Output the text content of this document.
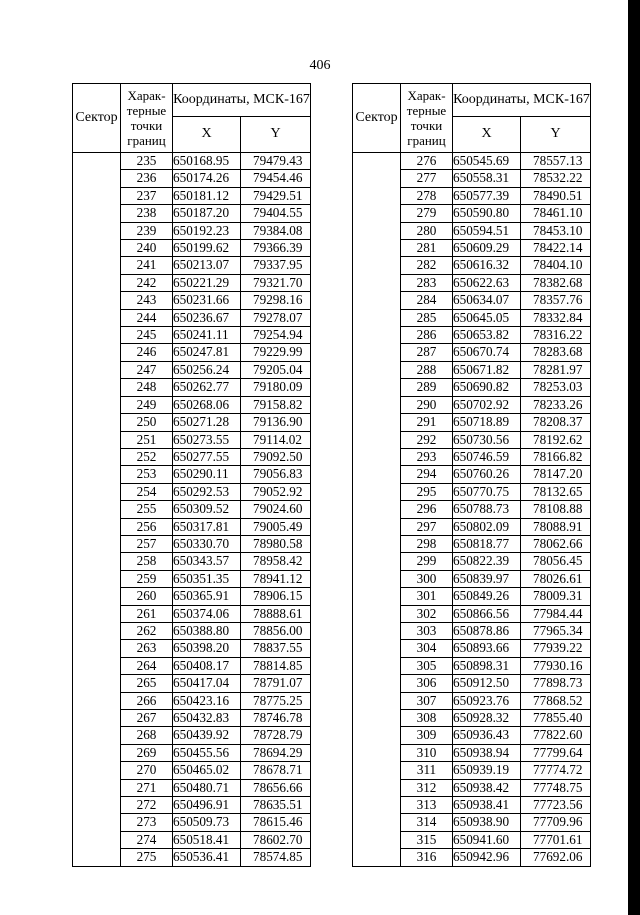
406
Сектор	Харак-терные точки границ	Координаты, МСК-167	
		X	Y
	235	650168.95	79479.43
	236	650174.26	79454.46
	237	650181.12	79429.51
	238	650187.20	79404.55
	239	650192.23	79384.08
	240	650199.62	79366.39
	241	650213.07	79337.95
	242	650221.29	79321.70
	243	650231.66	79298.16
	244	650236.67	79278.07
	245	650241.11	79254.94
	246	650247.81	79229.99
	247	650256.24	79205.04
	248	650262.77	79180.09
	249	650268.06	79158.82
	250	650271.28	79136.90
	251	650273.55	79114.02
	252	650277.55	79092.50
	253	650290.11	79056.83
	254	650292.53	79052.92
	255	650309.52	79024.60
	256	650317.81	79005.49
	257	650330.70	78980.58
	258	650343.57	78958.42
	259	650351.35	78941.12
	260	650365.91	78906.15
	261	650374.06	78888.61
	262	650388.80	78856.00
	263	650398.20	78837.55
	264	650408.17	78814.85
	265	650417.04	78791.07
	266	650423.16	78775.25
	267	650432.83	78746.78
	268	650439.92	78728.79
	269	650455.56	78694.29
	270	650465.02	78678.71
	271	650480.71	78656.66
	272	650496.91	78635.51
	273	650509.73	78615.46
	274	650518.41	78602.70
	275	650536.41	78574.85
Сектор	Харак-терные точки границ	Координаты, МСК-167	
		X	Y
	276	650545.69	78557.13
	277	650558.31	78532.22
	278	650577.39	78490.51
	279	650590.80	78461.10
	280	650594.51	78453.10
	281	650609.29	78422.14
	282	650616.32	78404.10
	283	650622.63	78382.68
	284	650634.07	78357.76
	285	650645.05	78332.84
	286	650653.82	78316.22
	287	650670.74	78283.68
	288	650671.82	78281.97
	289	650690.82	78253.03
	290	650702.92	78233.26
	291	650718.89	78208.37
	292	650730.56	78192.62
	293	650746.59	78166.82
	294	650760.26	78147.20
	295	650770.75	78132.65
	296	650788.73	78108.88
	297	650802.09	78088.91
	298	650818.77	78062.66
	299	650822.39	78056.45
	300	650839.97	78026.61
	301	650849.26	78009.31
	302	650866.56	77984.44
	303	650878.86	77965.34
	304	650893.66	77939.22
	305	650898.31	77930.16
	306	650912.50	77898.73
	307	650923.76	77868.52
	308	650928.32	77855.40
	309	650936.43	77822.60
	310	650938.94	77799.64
	311	650939.19	77774.72
	312	650938.42	77748.75
	313	650938.41	77723.56
	314	650938.90	77709.96
	315	650941.60	77701.61
	316	650942.96	77692.06
